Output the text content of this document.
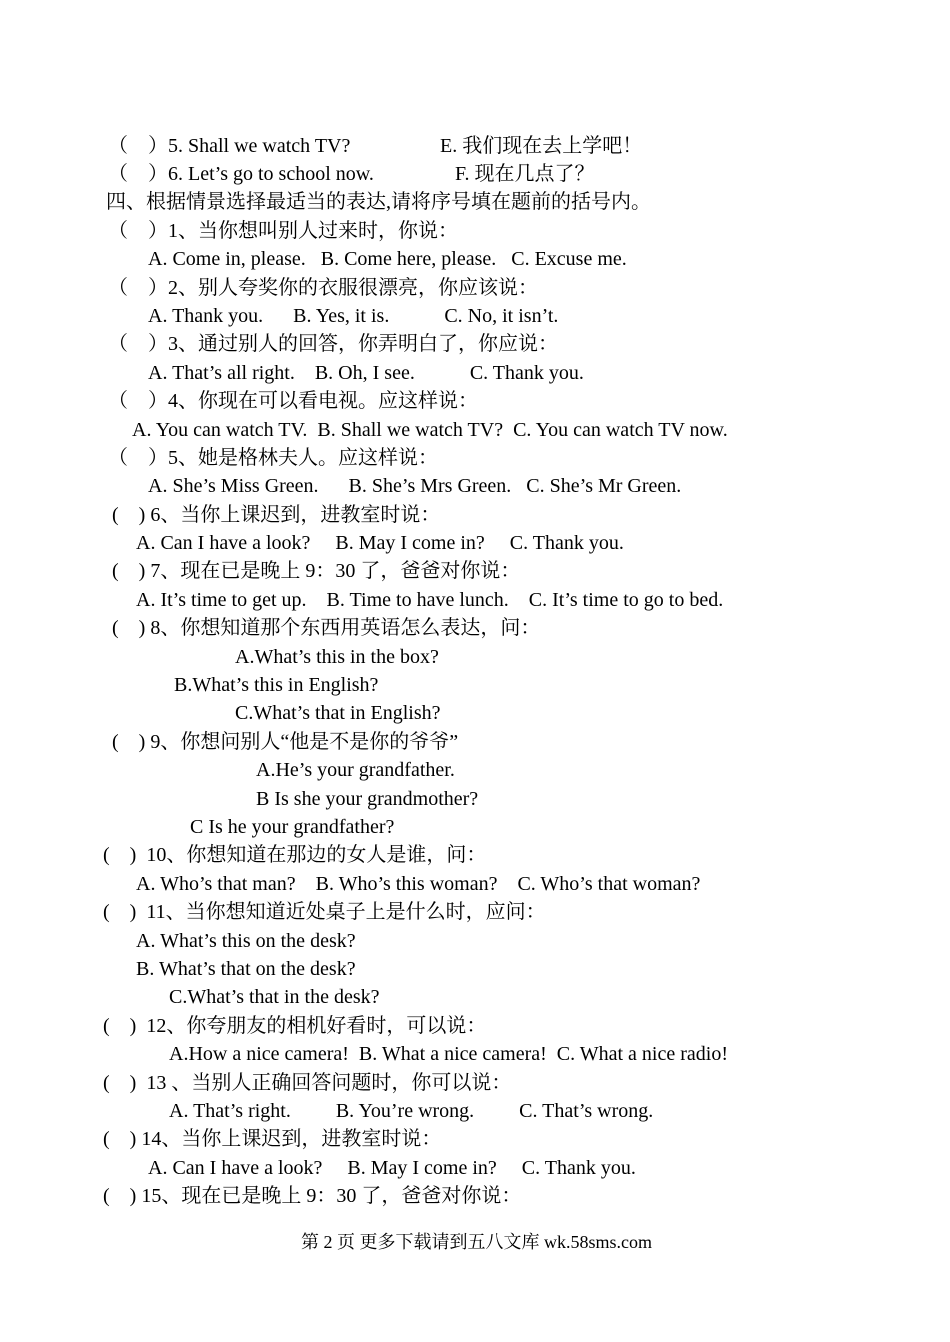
（　）5. Shall we watch TV?	E. 我们现在去上学吧！
（　）6. Let’s go to school now.	F. 现在几点了？
四、根据情景选择最适当的表达,请将序号填在题前的括号内。
（　）1、当你想叫别人过来时，你说：
A. Come in, please.   B. Come here, please.   C. Excuse me.
（　）2、别人夸奖你的衣服很漂亮，你应该说：
A. Thank you.      B. Yes, it is.           C. No, it isn’t.
（　）3、通过别人的回答，你弄明白了，你应说：
A. That’s all right.    B. Oh, I see.           C. Thank you.
（　）4、你现在可以看电视。应这样说：
A. You can watch TV.  B. Shall we watch TV?  C. You can watch TV now.
（　）5、她是格林夫人。应这样说：
A. She’s Miss Green.      B. She’s Mrs Green.   C. She’s Mr Green.
(    ) 6、当你上课迟到，进教室时说：
A. Can I have a look?     B. May I come in?     C. Thank you.
(    ) 7、现在已是晚上 9：30 了，爸爸对你说：
A. It’s time to get up.    B. Time to have lunch.    C. It’s time to go to bed.
(    ) 8、你想知道那个东西用英语怎么表达，问：
A.What’s this in the box?
B.What’s this in English?
C.What’s that in English?
(    ) 9、你想问别人“他是不是你的爷爷”
A.He’s your grandfather.
B Is she your grandmother?
C Is he your grandfather?
(    )  10、你想知道在那边的女人是谁，问：
A. Who’s that man?    B. Who’s this woman?    C. Who’s that woman?
(    )  11、当你想知道近处桌子上是什么时，应问：
A. What’s this on the desk?
B. What’s that on the desk?
C.What’s that in the desk?
(    )  12、你夸朋友的相机好看时，可以说：
A.How a nice camera!  B. What a nice camera!  C. What a nice radio!
(    )  13 、当别人正确回答问题时，你可以说：
A. That’s right.         B. You’re wrong.         C. That’s wrong.
(    ) 14、当你上课迟到，进教室时说：
A. Can I have a look?     B. May I come in?     C. Thank you.
(    ) 15、现在已是晚上 9：30 了，爸爸对你说：
第 2 页 更多下载请到五八文库 wk.58sms.com
